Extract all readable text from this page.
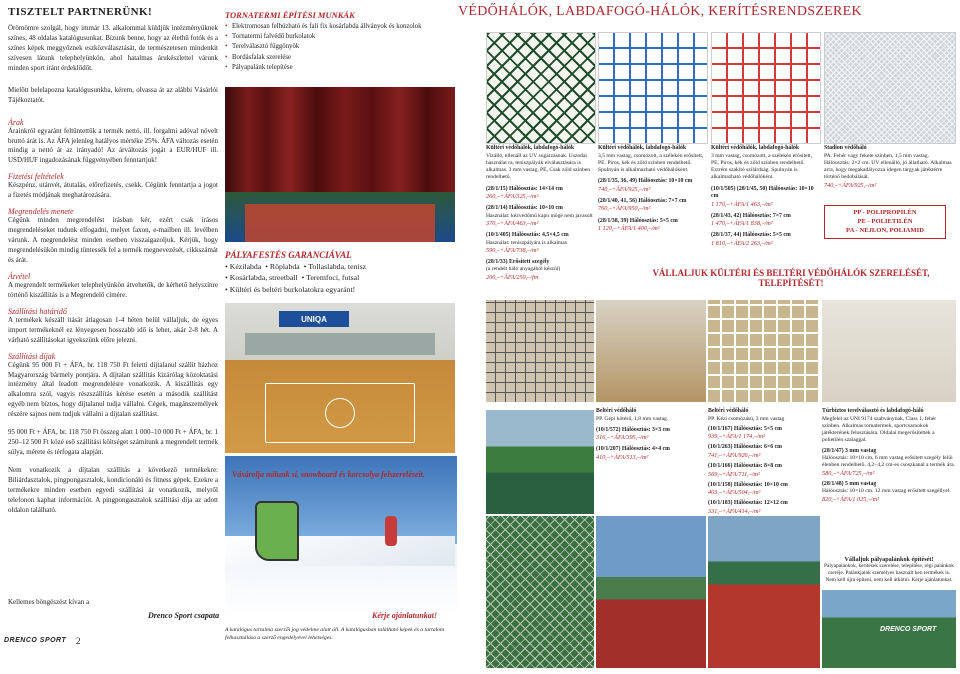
TISZTELT PARTNERÜNK!

Örömömre szolgál, hogy immár 13. alkalommal küldjük intézményüknek színes, 48 oldalas katalógusunkat. Bízunk benne, hogy az élethű fotók és a színes képek meggyőznek eszközválasztását, de természetesen mindenkit szívesen látunk telephelyünkön, ahol hatalmas árukészlettel várunk minden sport iránt érdeklődőt.

Mielőtt belelapozna katalógusunkba, kérem, olvassa át az alábbi Vásárlói Tájékoztatót.

Árak

Árainkról egyaránt feltüntettük a termék nettó, ill. forgalmi adóval növelt bruttó árát is. Az ÁFA jelenleg hatályos mértéke 25%. ÁFA változás esetén mindig a nettó ár az irányadó! Az árváltozás jogát a EUR/HUF ill. USD/HUF ingadozásának függvényében fenntartjuk!

Fizetési feltételek

Készpénz, utánvét, átutalás, előrefizetés, csekk. Cégünk fenntartja a jogot a fizetés módjának meghatározására.

Megrendelés menete

Cégünk minden megrendelést írásban kér, ezért csak írásos megrendeléseket tudunk elfogadni, melyet faxon, e-mailben ill. levélben várunk. A megrendelést minden esetben visszaigazoljuk. Kérjük, hogy megrendelésükön mindig tüntessék fel a termék megnevezését, cikkszámát és árát.

Átvétel

A megrendelt termékeket telephelyünkön átvehetők, de kérhető helyszínre történő kiszállítás is a Megrendelő címére.

Szállítási határidő

A termékek készáll ítását átlagosan 1-4 héten belül vállaljuk, de egyes import termékeknél ez lényegesen hosszabb idő is lehet, akár 2-8 hét. A várható szállításokat igyekszünk előre jelezni.

Szállítási díjak

Cégünk 95 000 Ft + ÁFA, br. 118 750 Ft feletti díjtalanul szállít házhoz Magyarország bármely pontjára. A díjtalan szállítás kizárólag közoktatási intézmény által leadott megrendelésre vonatkozik. A kiszállítás egy alkalomra szól, vagyis részszállítás kérése esetén a második szállítást egyéb nem bíztos, hogy díjtalanul tudja vállalni. Cégek, magánszemélyek részére sajnos nem tudjuk vállalni a díjtalan szállítást.

95 000 Ft + ÁFA, br. 118 750 Ft összeg alatt 1 000–10 000 Ft + ÁFA, br. 1 250–12 500 Ft közé eső szállítási költséget számítunk a megrendelt termék súlya, mérete és térfogata alapján.

Nem vonatkozik a díjtalan szállítás a következő termékekre: Biliárdasztalok, pingpongasztalok, kondicionáló és fitness gépek. Ezekre a termékekre minden esetben egyedi szállítási ár vonatkozik, melyről telefonon kaphat információt. A pingpongasztalok szállítási díja az adott oldalon található.

Kellemes böngészést kívan a
Drenco Sport csapata
DRENCO SPORT 2
TORNATERMI ÉPÍTÉSI MUNKÁK
• Elektromosan felhúzható és fali fix kosárlabda állványok és konzolok
• Tornatermi falvédő burkolatok
• Terelválasztó függönyök
• Bordásfalak szerelése
• Pályapalánk telepítése
PÁLYAFESTÉS GARANCIÁVAL
• Kézilabda  • Röplabda  • Tollaslabda, tenisz
• Kosárlabda, streetball  • Teremfoci, futsal
• Kültéri és beltéri burkolatokra egyaránt!
UNIQA
Vásárolja nálunk si, snowboard és korcsolya felszereléseit.
Kérje ajánlatunkat!
A katalógus tartalma szerzői jog védelme alatt áll. A katalógusban található képek és a tartalom felhasználása a szerző engedélyével lehetséges.
VÉDŐHÁLÓK, LABDAFOGÓ-HÁLÓK, KERÍTÉSRENDSZEREK
Kültéri védőhálók, labdafogó-hálók
Vizálló, ellenáll az UV sugárzásnak. Uszodai használat ra, teniszpályák elválasztására is alkalmas. 3 mm vastag, PE, Csak zöld színben rendelhető.
(28/1/15) Hálóosztás: 14×14 cm
260,–+ÁFA/325,–/m²
(28/1/14) Hálóosztás: 10×10 cm
Használat: kézvédőmű kapu mögé nem javasolt
370,–+ÁFA/463,–/m²
(10/1/405) Hálóosztás: 4,5×4,5 cm
Használat: teniszpályára is alkalmas
590,–+ÁFA/738,–/m²
(28/1/33) Erősített szegély
(a rendelt háló anyagából készül)
200,–+ÁFA/250,–/fm
Kültéri védőhálók, labdafogó-hálók
3,5 mm vastag, csomózott, a szélekén erősített, PE. Piros, kék és zöld színben rendelhető. Spulnyán is alkalmazható védőhálóként.
(28/1/35, 36, 49) Hálóosztás: 10×10 cm
740,–+ÁFA/925,–/m²
(28/1/40, 41, 56) Hálóosztás: 7×7 cm
760,–+ÁFA/950,–/m²
(28/1/38, 39) Hálóosztás: 5×5 cm
1 120,–+ÁFA/1 400,–/m²
Kültéri védőhálók, labdafogó-hálók
3 mm vastag, csomózott, a szélekén erősített, PE. Piros, kék és zöld színben rendelhető. Extrém szakító szilárdság. Spulnyán is alkalmazható védőhálóként.
(10/1/505) (28/1/45, 50) Hálóosztás: 10×10 cm
1 170,–+ÁFA/1 463,–/m²
(28/1/43, 42) Hálóosztás: 7×7 cm
1 470,–+ÁFA/1 838,–/m²
(28/1/37, 44) Hálóosztás: 5×5 cm
1 810,–+ÁFA/2 263,–/m²
Stadion védőháló
PA. Fehér vagy fekete színben, 1,5 mm vastag. Hálóosztás: 2×2 cm. UV ellenálló, jó állatható. Alkalmas arra, hogy megakadályozza idegen tárgyak játéktérre történő bedobálását.
740,–+ÁFA/925,–/m²
PP - POLIPROPILÉN
PE - POLIETILÉN
PA - NEJLON, POLIAMID
VÁLLALJUK KÜLTÉRI ÉS BELTÉRI VÉDŐHÁLÓK SZERELÉSÉT, TELEPÍTÉSÉT!
Beltéri védőháló
PP. Gépi kötésű, 1,8 mm vastag.
(10/1/572) Hálóosztás: 3×3 cm
316,–+ÁFA/395,–/m²
(10/1/207) Hálóosztás: 4×4 cm
410,–+ÁFA/513,–/m²
Beltéri védőháló
PP. Kézi csomózású, 3 mm vastag
(10/1/167) Hálóosztás: 5×5 cm
939,–+ÁFA/1 174,–/m²
(10/1/263) Hálóosztás: 6×6 cm
741,–+ÁFA/926,–/m²
(10/1/166) Hálóosztás: 8×8 cm
569,–+ÁFA/711,–/m²
(10/1/158) Hálóosztás: 10×10 cm
403,–+ÁFA/504,–/m²
(10/1/183) Hálóosztás: 12×12 cm
331,–+ÁFA/414,–/m²
Túrbiztos terelválasztó és labdafogó-háló
Megfelel az UNI 9174 szabványnak, Class 1, fehér színben. Alkalmas tornatermek, sportcsarnokok játékterének felosztására. Oldalai megerősítettek a polietilén szalaggal.
(28/1/47) 3 mm vastag
Hálóosztás: 10×10 cm, 6 mm vastag erősített szegély felüi élenben rendelhető. 4,2÷4,2 cm-es csoszkanál a termék ára.
580,–+ÁFA/725,–/m²
(28/1/48) 5 mm vastag
Hálóosztás: 10×10 cm. 12 mm vastag erősített szegéllyel.
820,–+ÁFA/1 025,–/m²
Vállaljuk pályapalánkok építését!
Pályapalánkok, kerítések szerelése, telepítése, régi palánkok cseréje. Palánkjaink személyes használt ken termékek is. Nem kell újra építeni, nem kell átkötni. Kérje ajánlatunkat.
DRENCO SPORT
